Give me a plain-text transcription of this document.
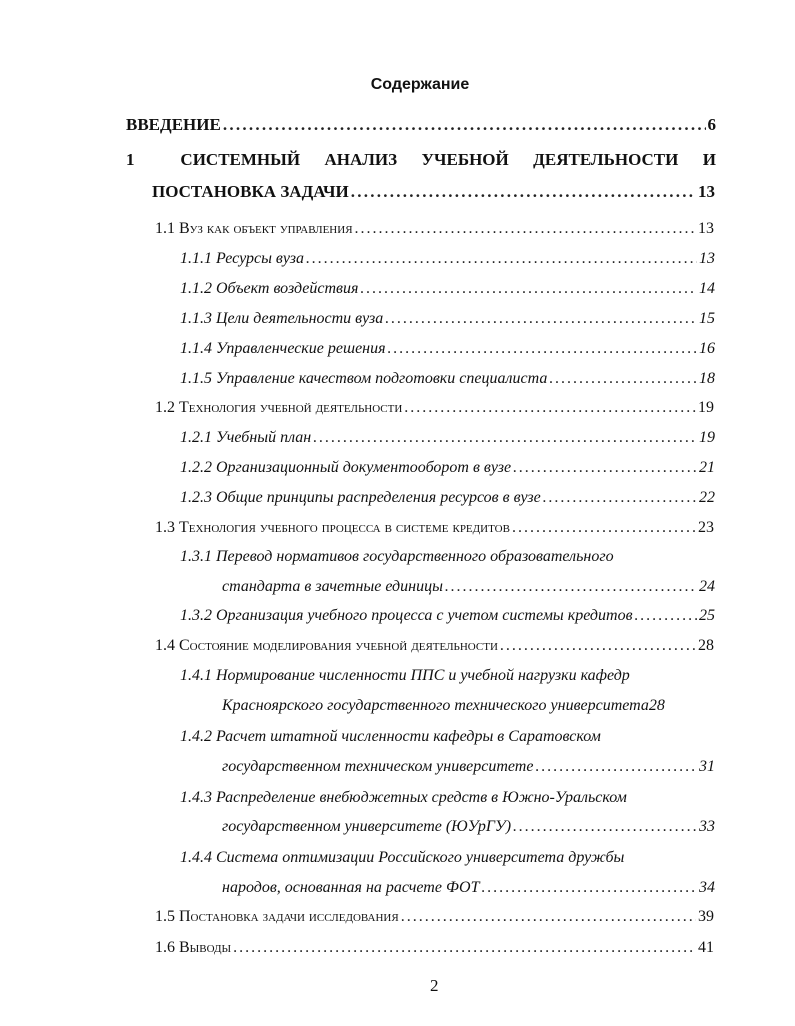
Содержание
ВВЕДЕНИЕ . . .	6
1	СИСТЕМНЫЙ АНАЛИЗ УЧЕБНОЙ ДЕЯТЕЛЬНОСТИ И
ПОСТАНОВКА ЗАДАЧИ . . .	13
1.1 Вуз как объект управления . . .	13
1.1.1 Ресурсы вуза . . .	13
1.1.2 Объект воздействия . . .	14
1.1.3 Цели деятельности вуза . . .	15
1.1.4 Управленческие решения . . .	16
1.1.5 Управление качеством подготовки специалиста . . .	18
1.2 Технология учебной деятельности . . .	19
1.2.1 Учебный план . . .	19
1.2.2 Организационный документооборот в вузе . . .	21
1.2.3 Общие принципы распределения ресурсов в вузе . . .	22
1.3 Технология учебного процесса в системе кредитов . . .	23
1.3.1 Перевод нормативов государственного образовательного
стандарта в зачетные единицы . . .	24
1.3.2 Организация учебного процесса с учетом системы кредитов . . .	25
1.4 Состояние моделирования учебной деятельности . . .	28
1.4.1 Нормирование численности ППС и учебной нагрузки кафедр
Красноярского государственного технического университета 28
1.4.2 Расчет штатной численности кафедры в Саратовском
государственном техническом университете . . .	31
1.4.3 Распределение внебюджетных средств в Южно-Уральском
государственном университете (ЮУрГУ) . . .	33
1.4.4 Система оптимизации Российского университета дружбы
народов, основанная на расчете ФОТ . . .	34
1.5 Постановка задачи исследования . . .	39
1.6 Выводы . . .	41
2
